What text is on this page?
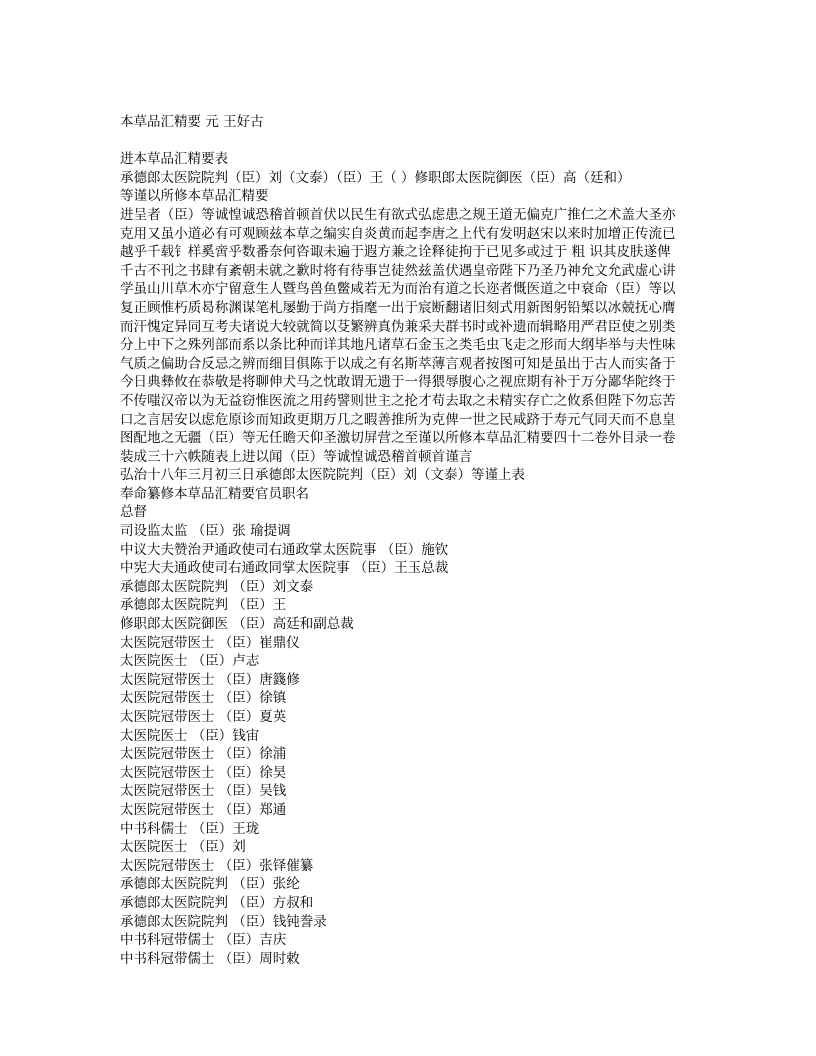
本草品汇精要 元 王好古
进本草品汇精要表
承德郎太医院院判（臣）刘（文泰）（臣）王（ ）修职郎太医院御医（臣）高（廷和）
等谨以所修本草品汇精要
进呈者（臣）等诚惶诚恐稽首顿首伏以民生有欲式弘虑患之规王道无偏克广推仁之术盖大圣亦
克用又虽小道必有可观顾兹本草之编实自炎黄而起李唐之上代有发明赵宋以来时加增正传流已
越乎千载钅样奚啻乎数番奈何咨诹未遍于遐方兼之诠释徒拘于已见多或过于 粗 识其皮肤遂俾
千古不刊之书肆有紊朝未就之歉时将有待事岂徒然兹盖伏遇皇帝陛下乃圣乃神允文允武虚心讲
学虽山川草木亦宁留意生人暨鸟兽鱼鳖咸若无为而治有道之长迩者慨医道之中衰命（臣）等以
复正顾惟朽质曷称渊谋笔札屡勤于尚方指麾一出于宸断翻诸旧刻式用新图躬铅椠以冰兢抚心膺
而汗愧定异同互考夫诸说大较就简以芟繁辨真伪兼采夫群书时或补遗而辑略用严君臣使之别类
分上中下之殊列部而系以条比种而详其地凡诸草石金玉之类毛虫飞走之形而大纲毕举与夫性味
气质之偏助合反忌之辨而细目俱陈于以成之有名斯萃薄言观者按图可知是虽出于古人而实备于
今日典彝攸在恭敬是将聊伸犬马之忱敢谓无遗于一得猥辱腹心之视庶期有补于万分鄙华陀终于
不传嗤汉帝以为无益窃惟医流之用药譬则世主之抡才苟去取之未精实存亡之攸系但陛下勿忘苦
口之言居安以虑危原诊而知政更期万几之暇善推所为克俾一世之民咸跻于寿元气同天而不息皇
图配地之无疆（臣）等无任瞻天仰圣激切屏营之至谨以所修本草品汇精要四十二卷外目录一卷
装成三十六帙随表上进以闻（臣）等诚惶诚恐稽首顿首谨言
弘治十八年三月初三日承德郎太医院院判（臣）刘（文泰）等谨上表
奉命纂修本草品汇精要官员职名
总督
司设监太监 （臣）张 瑜提调
中议大夫赞治尹通政使司右通政掌太医院事 （臣）施钦
中宪大夫通政使司右通政同掌太医院事 （臣）王玉总裁
承德郎太医院院判 （臣）刘文泰
承德郎太医院院判 （臣）王
修职郎太医院御医 （臣）高廷和副总裁
太医院冠带医士 （臣）崔鼎仪
太医院医士 （臣）卢志
太医院冠带医士 （臣）唐籛修
太医院冠带医士 （臣）徐镇
太医院冠带医士 （臣）夏英
太医院医士 （臣）钱宙
太医院冠带医士 （臣）徐浦
太医院冠带医士 （臣）徐昊
太医院冠带医士 （臣）吴钱
太医院冠带医士 （臣）郑通
中书科儒士 （臣）王珑
太医院医士 （臣）刘
太医院冠带医士 （臣）张铎催纂
承德郎太医院院判 （臣）张纶
承德郎太医院院判 （臣）方叔和
承德郎太医院院判 （臣）钱钝誊录
中书科冠带儒士 （臣）吉庆
中书科冠带儒士 （臣）周时敕
